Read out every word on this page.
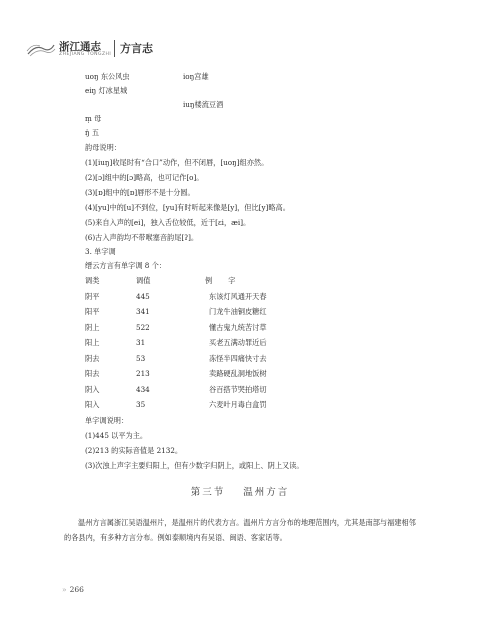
浙江通志
ZHEJIANG TONGZHI 方言志
uoŋ 东公风虫	ioŋ宫雄
eiŋ 灯冰星城
iuŋ楼流豆酒
m̩ 母
ŋ̍ 五
韵母说明：
(1)[iuŋ]收尾时有“合口”动作，但不闭唇，[uoŋ]组亦然。
(2)[ɔ]组中的[ɔ]略高，也可记作[o]。
(3)[ɒ]组中的[ɒ]唇形不是十分圆。
(4)[yu]中的[u]不到位，[yu]有时听起来像是[y]，但比[y]略高。
(5)来自入声的[ei]，独入舌位较低，近于[ɛi，æi]。
(6)古入声韵均不带喉塞音韵尾[ʔ]。
3. 单字调
缙云方言有单字调 8 个：
调类	调值	例字
阴平	445	东该灯风通开天春
阳平	341	门龙牛油铜皮糖红
阴上	522	懂古鬼九统苦讨草
阳上	31	买老五满动罪近后
阴去	53	冻怪半四痛快寸去
阳去	213	卖路硬乱洞地饭树
阴入	434	谷百搭节哭拍塔切
阳入	35	六麦叶月毒白盒罚
单字调说明：
(1)445 以平为主。
(2)213 的实际音值是 2132。
(3)次浊上声字主要归阳上，但有少数字归阴上，或阳上、阴上又读。
第三节 温州方言
温州方言属浙江吴语温州片，是温州片的代表方言。温州片方言分布的地理范围内，尤其是南部与福建相邻的各县内，有多种方言分布。例如泰顺境内有吴语、闽语、客家话等。
» 266
